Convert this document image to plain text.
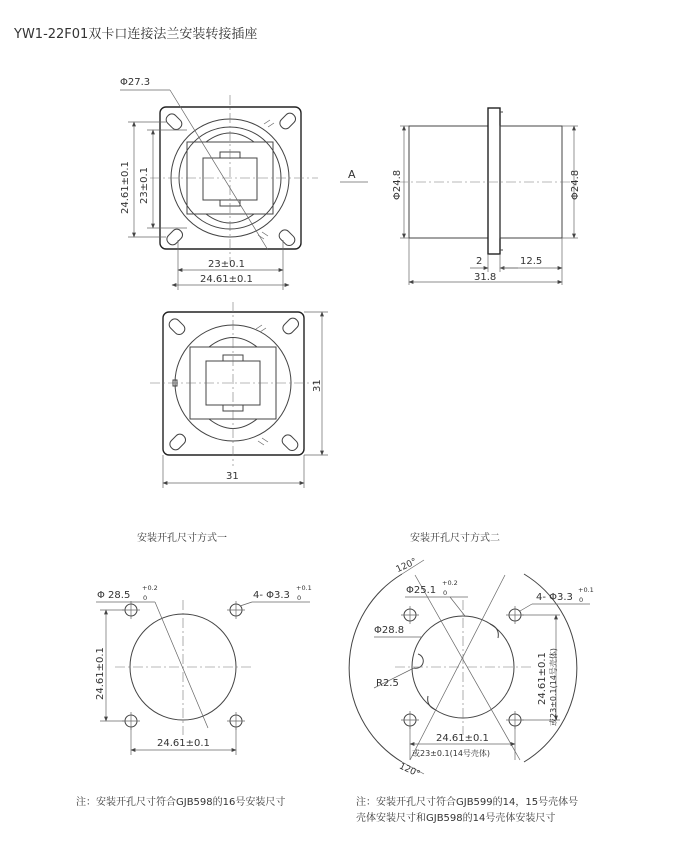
YW1-22F01双卡口连接法兰安装转接插座
Φ27.3
24.61±0.1 23±0.1
23±0.1
24.61±0.1
A	Φ24.8	Φ24.8
2	12.5
31.8
31
31
安装开孔尺寸方式一
Φ 28.5
+0.2
0	4- Φ3.3
+0.1
0
24.61±0.1
24.61±0.1
注：安装开孔尺寸符合GJB598的16号安装尺寸
安装开孔尺寸方式二
120°
120°
Φ25.1
+0.2
0
Φ28.8
R2.5
4- Φ3.3
+0.1
0
24.61±0.1 或23±0.1(14号壳体)
24.61±0.1
或23±0.1(14号壳体)
注：安装开孔尺寸符合GJB599的14，15号壳体号
壳体安装尺寸和GJB598的14号壳体安装尺寸
